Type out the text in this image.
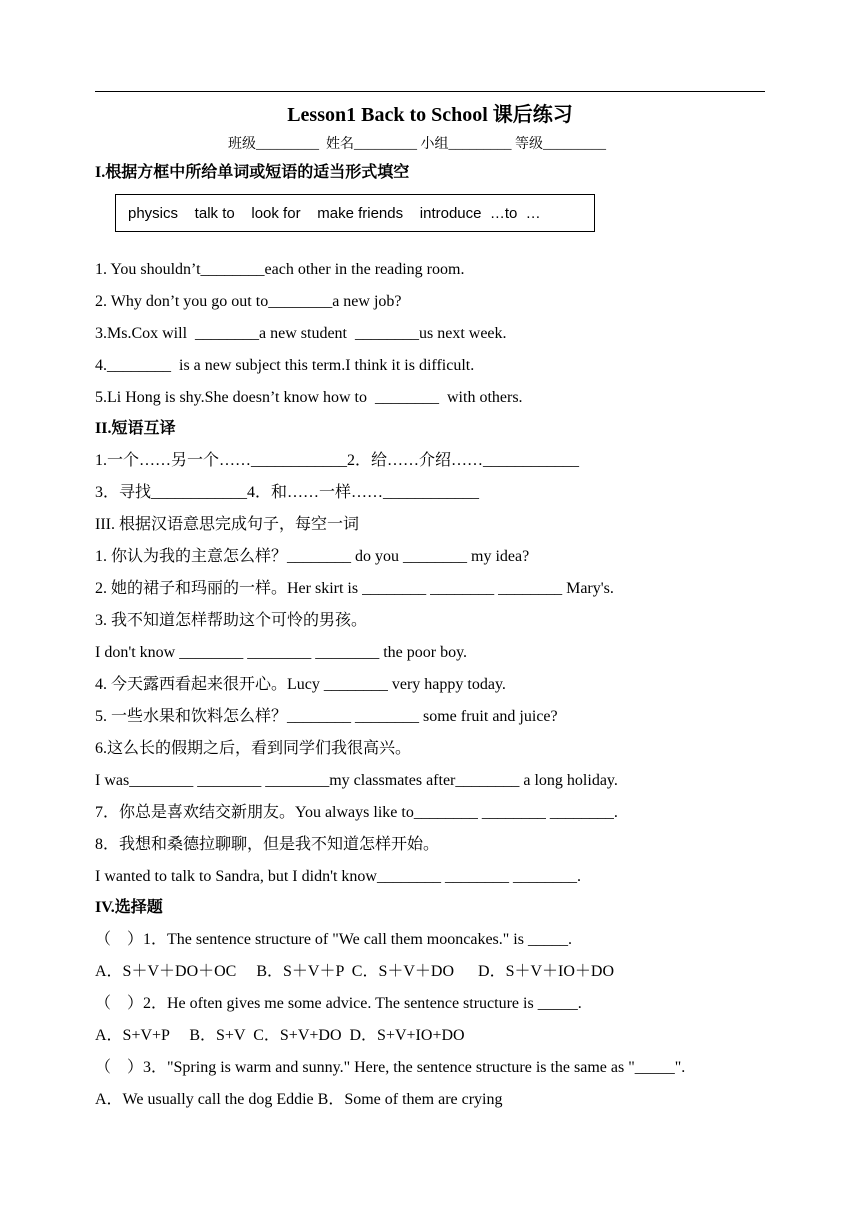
Lesson1 Back to School 课后练习
班级_________  姓名_________ 小组_________ 等级_________
I.根据方框中所给单词或短语的适当形式填空
physics    talk to    look for    make friends    introduce  …to  …
1. You shouldn’t________each other in the reading room.
2. Why don’t you go out to________a new job?
3.Ms.Cox will  ________a new student  ________us next week.
4.________  is a new subject this term.I think it is difficult.
5.Li Hong is shy.She doesn’t know how to  ________  with others.
II.短语互译
1.一个……另一个……____________2．给……介绍……____________
3．寻找____________4．和……一样……____________
III. 根据汉语意思完成句子，每空一词
1. 你认为我的主意怎么样？________ do you ________ my idea?
2. 她的裙子和玛丽的一样。Her skirt is ________ ________ ________ Mary's.
3. 我不知道怎样帮助这个可怜的男孩。
I don't know ________ ________ ________ the poor boy.
4. 今天露西看起来很开心。Lucy ________ very happy today.
5. 一些水果和饮料怎么样？________ ________ some fruit and juice?
6.这么长的假期之后，看到同学们我很高兴。
I was________ ________ ________my classmates after________ a long holiday.
7．你总是喜欢结交新朋友。You always like to________ ________ ________.
8．我想和桑德拉聊聊，但是我不知道怎样开始。
I wanted to talk to Sandra, but I didn't know________ ________ ________.
IV.选择题
（    ）1．The sentence structure of "We call them mooncakes." is _____.
A．S＋V＋DO＋OC     B．S＋V＋P  C．S＋V＋DO      D．S＋V＋IO＋DO
（    ）2．He often gives me some advice. The sentence structure is _____.
A．S+V+P     B．S+V  C．S+V+DO  D．S+V+IO+DO
（    ）3．"Spring is warm and sunny." Here, the sentence structure is the same as "_____".
A．We usually call the dog Eddie B．Some of them are crying
